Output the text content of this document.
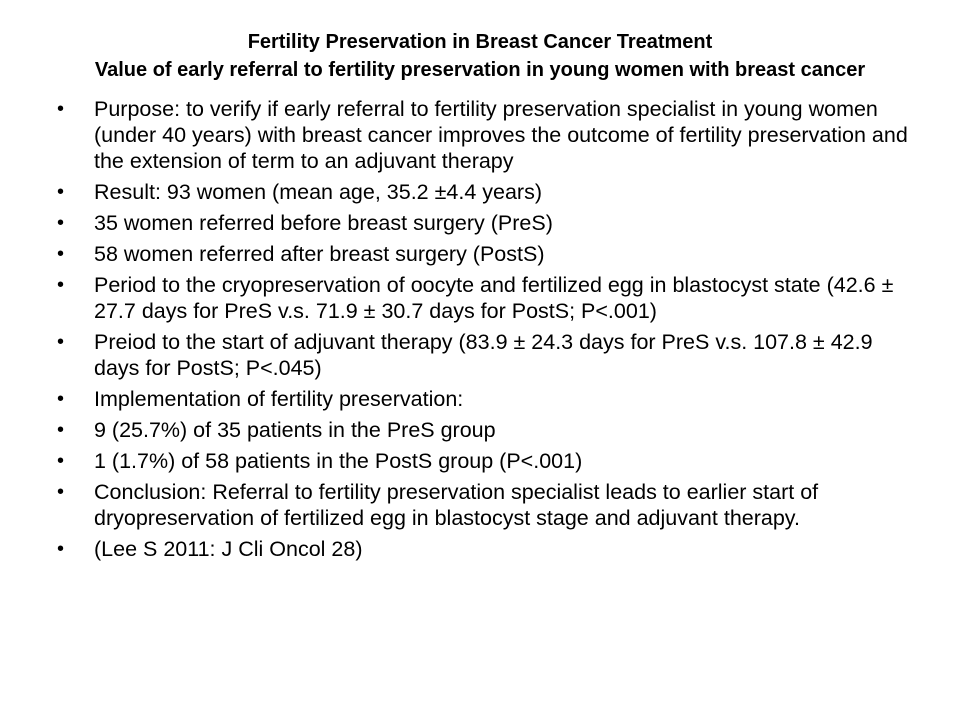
Fertility Preservation in Breast Cancer Treatment
Value of early referral to fertility preservation in young women with breast cancer
•	Purpose: to verify if early referral to fertility preservation specialist in young women (under 40 years) with breast cancer improves the outcome of fertility preservation and the extension of term to an adjuvant therapy
•	Result: 93 women (mean age, 35.2 ±4.4 years)
•	35 women referred before breast surgery (PreS)
•	58 women referred after breast surgery (PostS)
•	Period to the cryopreservation of oocyte and fertilized egg in blastocyst state (42.6 ± 27.7 days for PreS v.s. 71.9 ± 30.7 days for PostS; P<.001)
•	Preiod to the start of adjuvant therapy (83.9 ± 24.3 days for PreS v.s. 107.8 ± 42.9 days for PostS; P<.045)
•	Implementation of fertility preservation:
•	9 (25.7%) of 35 patients in the PreS group
•	1 (1.7%) of 58 patients in the PostS group (P<.001)
•	Conclusion: Referral to fertility preservation specialist leads to earlier start of dryopreservation of fertilized egg in blastocyst stage and adjuvant therapy.
•	(Lee S 2011: J Cli Oncol 28)
